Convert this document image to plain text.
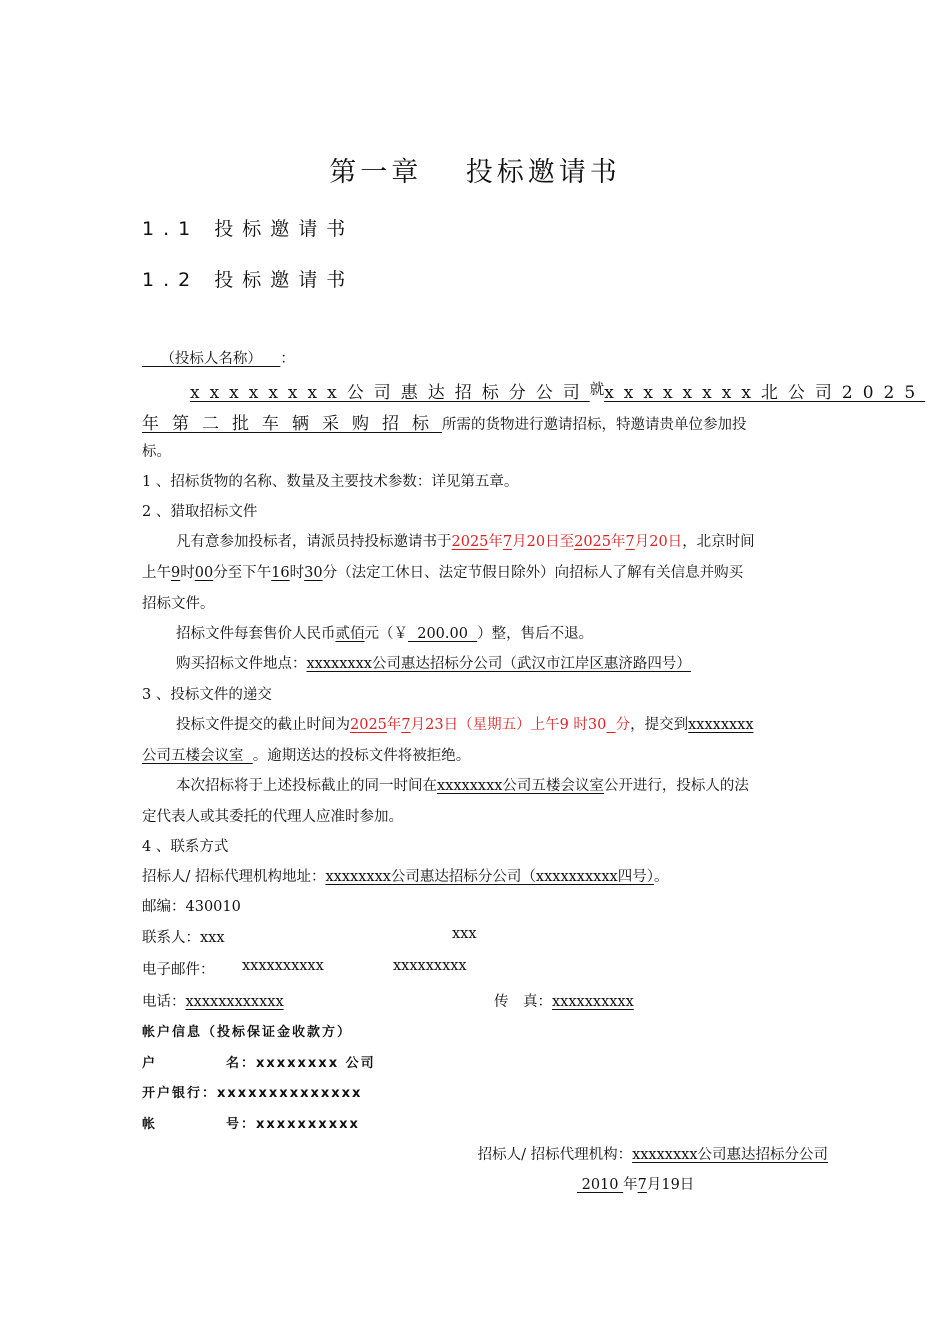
第一章　 投标邀请书
1.1 投标邀请书
1.2 投标邀请书
（投标人名称） ：
xxxxxxxx公司惠达招标分公司 就 xxxxxxxx北公司2025
年第二批车辆采购招标所需的货物进行邀请招标，特邀请贵单位参加投
标。
1 、招标货物的名称、数量及主要技术参数：详见第五章。
2 、猎取招标文件
凡有意参加投标者，请派员持投标邀请书于2025年7月20日至2025年7月20日，北京时间
上午9时00分至下午16时30分（法定工休日、法定节假日除外）向招标人了解有关信息并购买
招标文件。
招标文件每套售价人民币贰佰元（￥  200.00  ）整，售后不退。
购买招标文件地点：xxxxxxxx公司惠达招标分公司（武汉市江岸区惠济路四号）
3 、投标文件的递交
投标文件提交的截止时间为2025年7月23日（星期五）上午9 时30 分，提交到xxxxxxxx
公司五楼会议室  。逾期送达的投标文件将被拒绝。
本次招标将于上述投标截止的同一时间在xxxxxxxx公司五楼会议室公开进行，投标人的法
定代表人或其委托的代理人应准时参加。
4 、联系方式
招标人/ 招标代理机构地址：xxxxxxxx公司惠达招标分公司（xxxxxxxxxx四号）。
邮编：430010
联系人：xxx	xxx
电子邮件： xxxxxxxxxx	xxxxxxxxx
电话：xxxxxxxxxxxx	传　真：xxxxxxxxxx
帐户信息（投标保证金收款方）
户	名：xxxxxxxx 公司
开户银行：xxxxxxxxxxxxxx
帐	号：xxxxxxxxxx
招标人/ 招标代理机构：xxxxxxxx公司惠达招标分公司
2010 年7月19日
